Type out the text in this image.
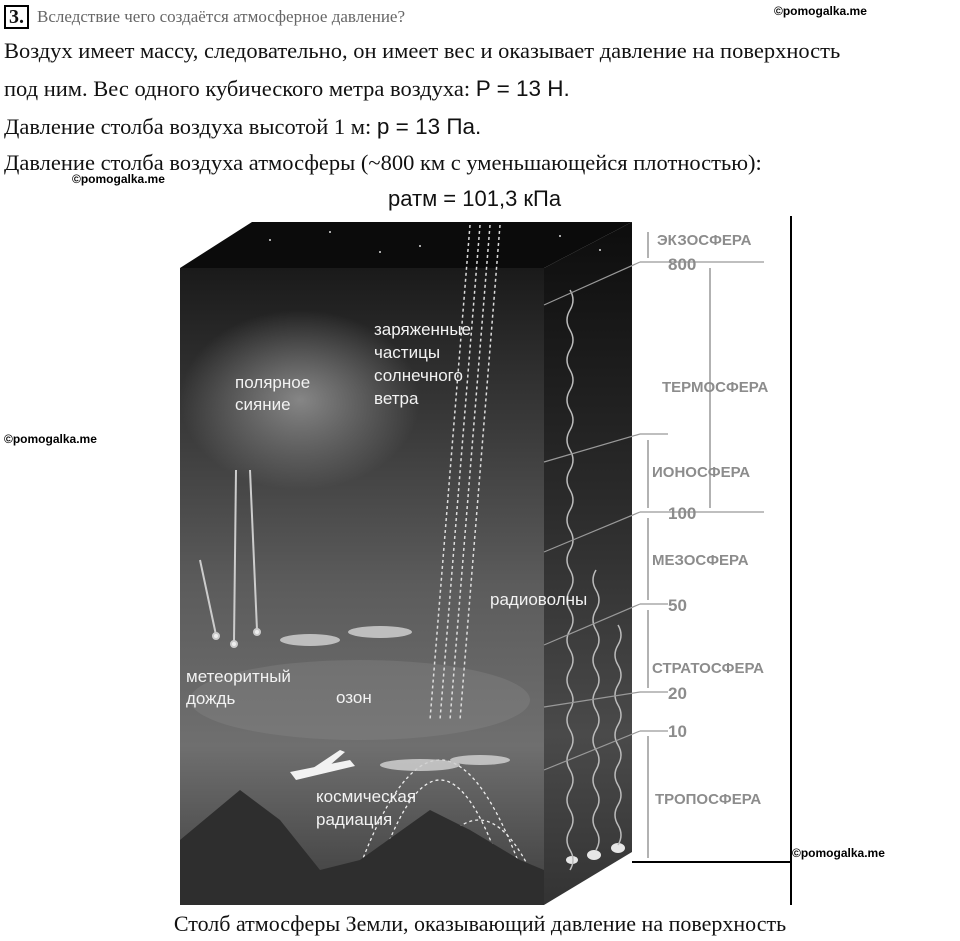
3. Вследствие чего создаётся атмосферное давление?	©pomogalka.me
Воздух имеет массу, следовательно, он имеет вес и оказывает давление на поверхность
под ним. Вес одного кубического метра воздуха: P = 13 Н.
Давление столба воздуха высотой 1 м: p = 13 Па.
Давление столба воздуха атмосферы (~800 км с уменьшающейся плотностью):
©pomogalka.me
pатм = 101,3 кПа
©pomogalka.me
©pomogalka.me
полярное
сияние
заряженные
частицы
солнечного
ветра
метеоритный
дождь	озон
радиоволны
космическая
радиация
ЭКЗОСФЕРА
ТЕРМОСФЕРА
ИОНОСФЕРА
МЕЗОСФЕРА
СТРАТОСФЕРА
ТРОПОСФЕРА
800
100
50
20
10
Столб атмосферы Земли, оказывающий давление на поверхность
